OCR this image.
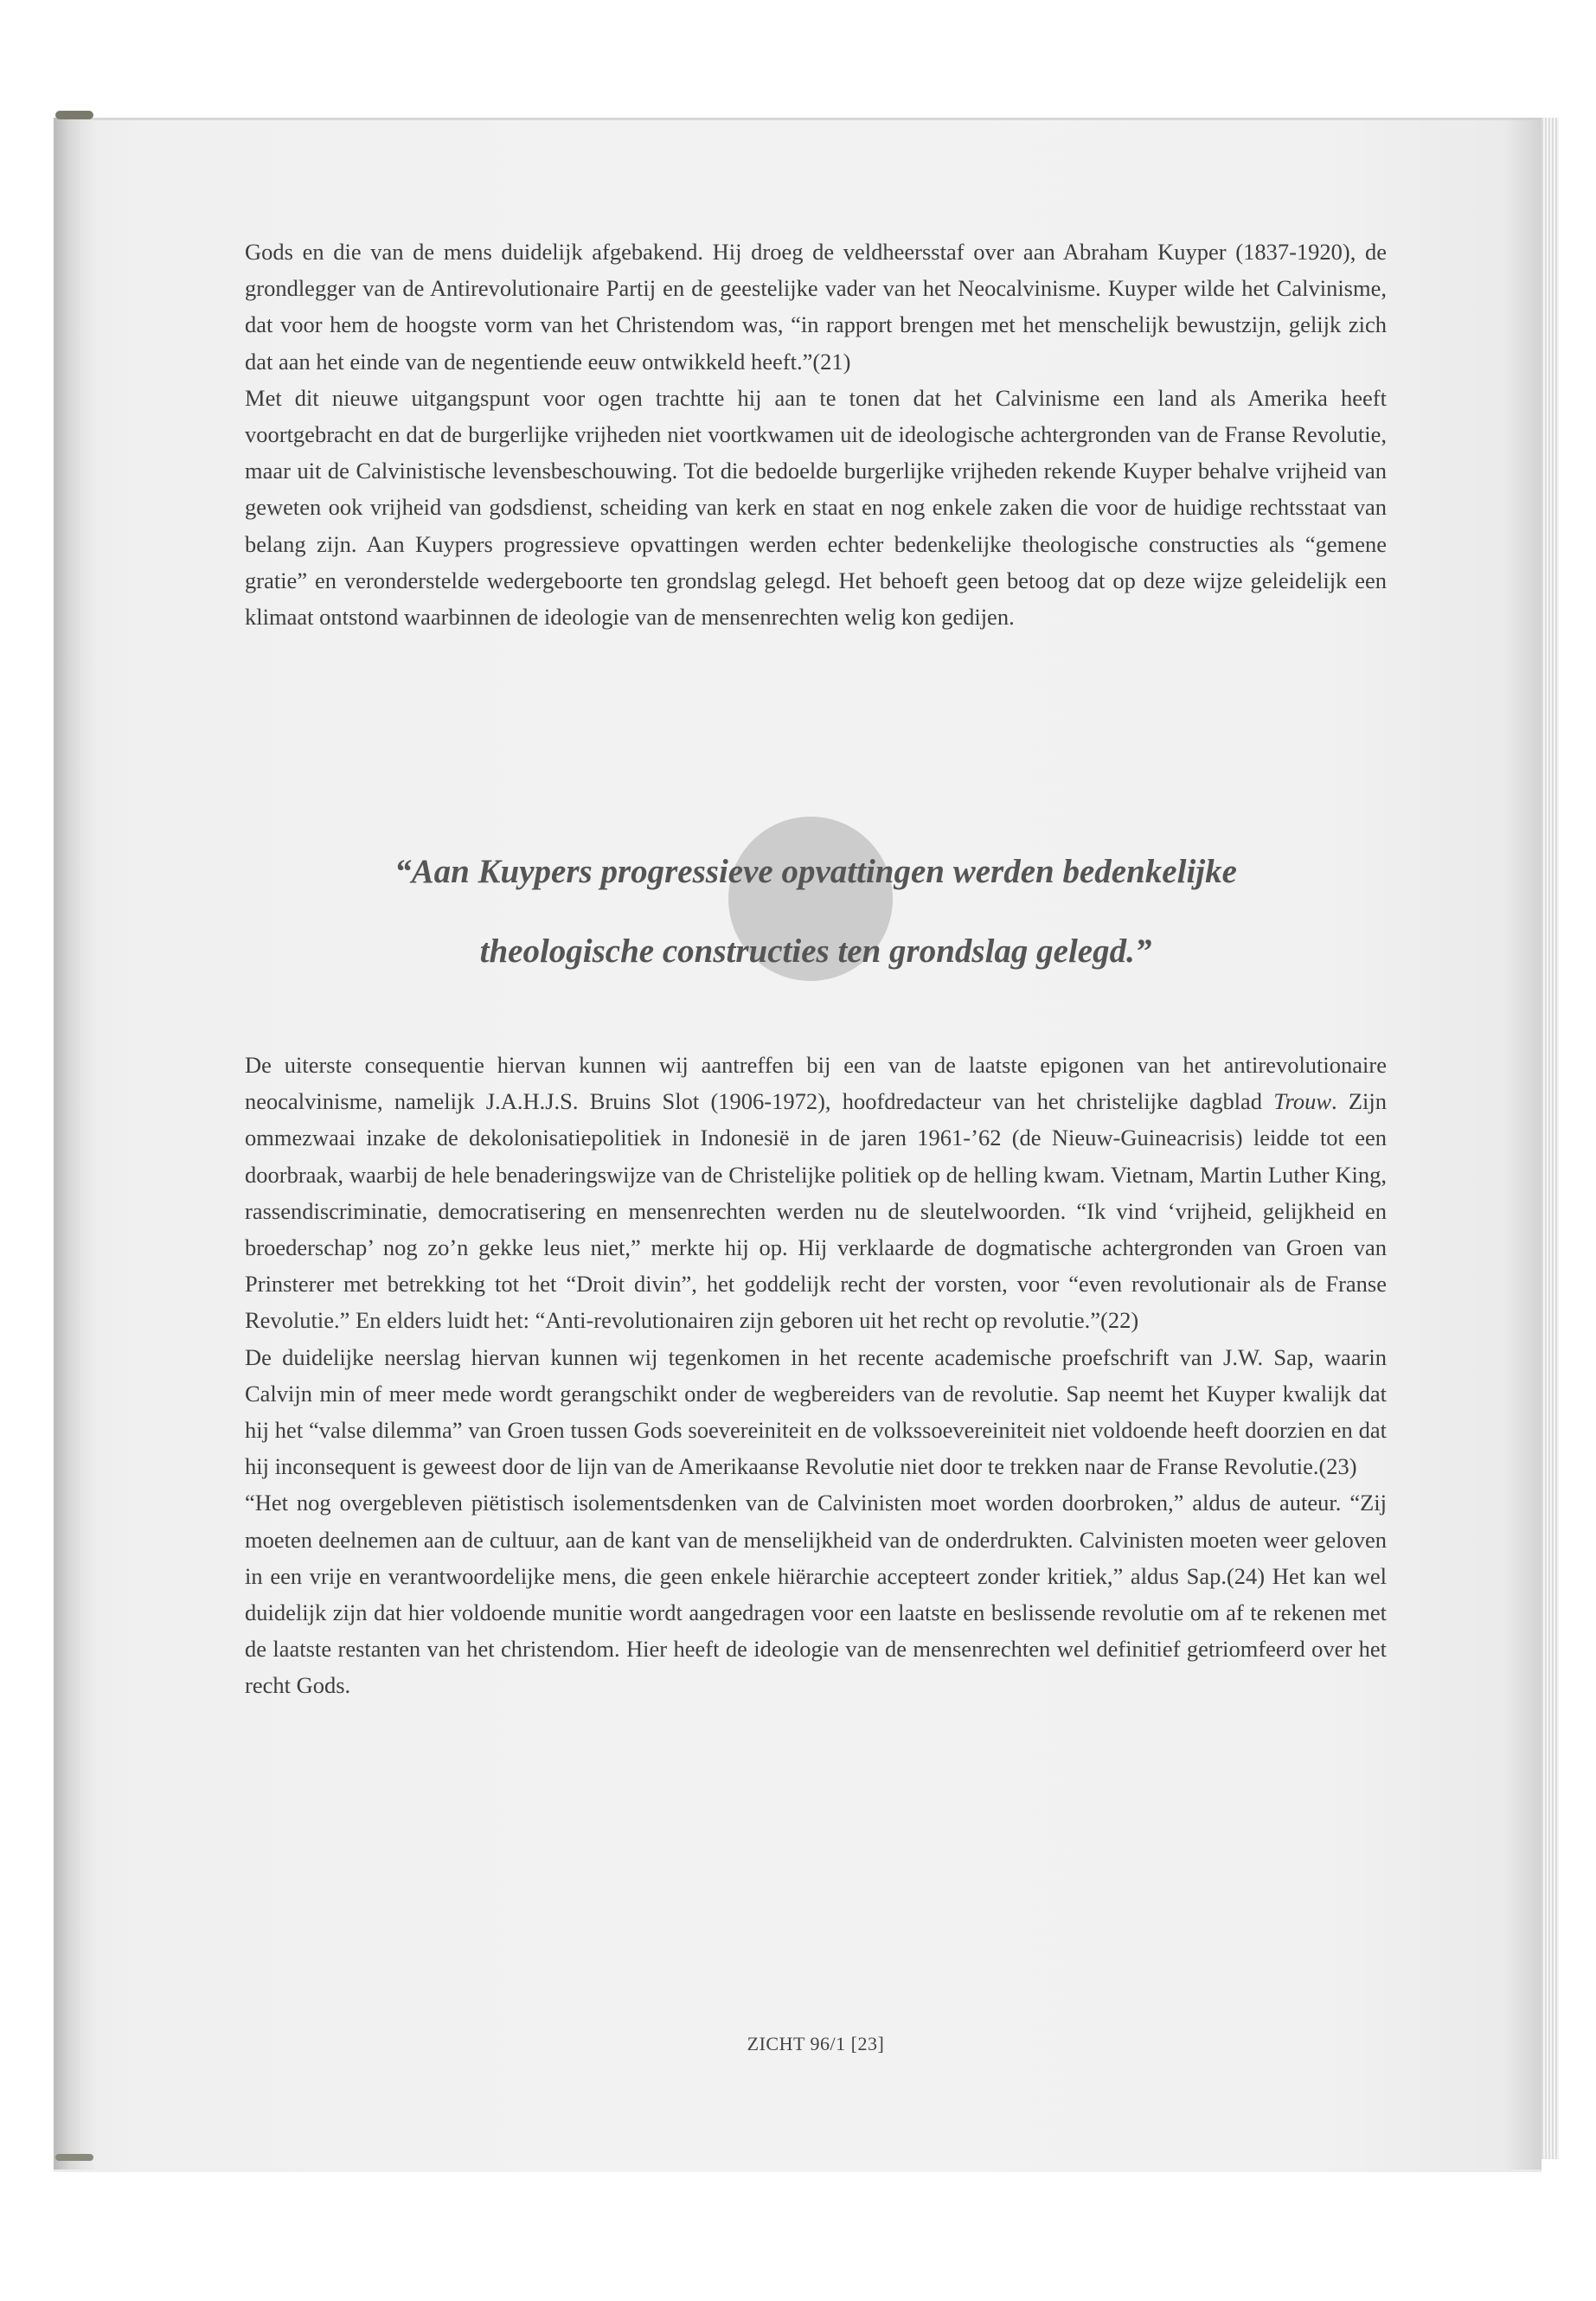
Gods en die van de mens duidelijk afgebakend. Hij droeg de veldheersstaf over aan Abraham Kuyper (1837-1920), de grondlegger van de Antirevolutionaire Partij en de geestelijke vader van het Neocalvinisme. Kuyper wilde het Calvinisme, dat voor hem de hoogste vorm van het Christendom was, “in rapport brengen met het menschelijk bewustzijn, gelijk zich dat aan het einde van de negentiende eeuw ontwikkeld heeft.”(21)

Met dit nieuwe uitgangspunt voor ogen trachtte hij aan te tonen dat het Calvinisme een land als Amerika heeft voortgebracht en dat de burgerlijke vrijheden niet voortkwamen uit de ideologische achtergronden van de Franse Revolutie, maar uit de Calvinistische levensbeschouwing. Tot die bedoelde burgerlijke vrijheden rekende Kuyper behalve vrijheid van geweten ook vrijheid van godsdienst, scheiding van kerk en staat en nog enkele zaken die voor de huidige rechtsstaat van belang zijn. Aan Kuypers progressieve opvattingen werden echter bedenkelijke theologische constructies als “gemene gratie” en veronderstelde wedergeboorte ten grondslag gelegd. Het behoeft geen betoog dat op deze wijze geleidelijk een klimaat ontstond waarbinnen de ideologie van de mensenrechten welig kon gedijen.

“Aan Kuypers progressieve opvattingen werden bedenkelijke
theologische constructies ten grondslag gelegd.”

De uiterste consequentie hiervan kunnen wij aantreffen bij een van de laatste epigonen van het antirevolutionaire neocalvinisme, namelijk J.A.H.J.S. Bruins Slot (1906-1972), hoofdredacteur van het christelijke dagblad Trouw. Zijn ommezwaai inzake de dekolonisatiepolitiek in Indonesië in de jaren 1961-’62 (de Nieuw-Guineacrisis) leidde tot een doorbraak, waarbij de hele benaderingswijze van de Christelijke politiek op de helling kwam. Vietnam, Martin Luther King, rassendiscriminatie, democratisering en mensenrechten werden nu de sleutelwoorden. “Ik vind ‘vrijheid, gelijkheid en broederschap’ nog zo’n gekke leus niet,” merkte hij op. Hij verklaarde de dogmatische achtergronden van Groen van Prinsterer met betrekking tot het “Droit divin”, het goddelijk recht der vorsten, voor “even revolutionair als de Franse Revolutie.” En elders luidt het: “Anti-revolutionairen zijn geboren uit het recht op revolutie.”(22)

De duidelijke neerslag hiervan kunnen wij tegenkomen in het recente academische proefschrift van J.W. Sap, waarin Calvijn min of meer mede wordt gerangschikt onder de wegbereiders van de revolutie. Sap neemt het Kuyper kwalijk dat hij het “valse dilemma” van Groen tussen Gods soevereiniteit en de volkssoevereiniteit niet voldoende heeft doorzien en dat hij inconsequent is geweest door de lijn van de Amerikaanse Revolutie niet door te trekken naar de Franse Revolutie.(23)

“Het nog overgebleven piëtistisch isolementsdenken van de Calvinisten moet worden doorbroken,” aldus de auteur. “Zij moeten deelnemen aan de cultuur, aan de kant van de menselijkheid van de onderdrukten. Calvinisten moeten weer geloven in een vrije en verantwoordelijke mens, die geen enkele hiërarchie accepteert zonder kritiek,” aldus Sap.(24) Het kan wel duidelijk zijn dat hier voldoende munitie wordt aangedragen voor een laatste en beslissende revolutie om af te rekenen met de laatste restanten van het christendom. Hier heeft de ideologie van de mensenrechten wel definitief getriomfeerd over het recht Gods.

ZICHT 96/1 [23]
